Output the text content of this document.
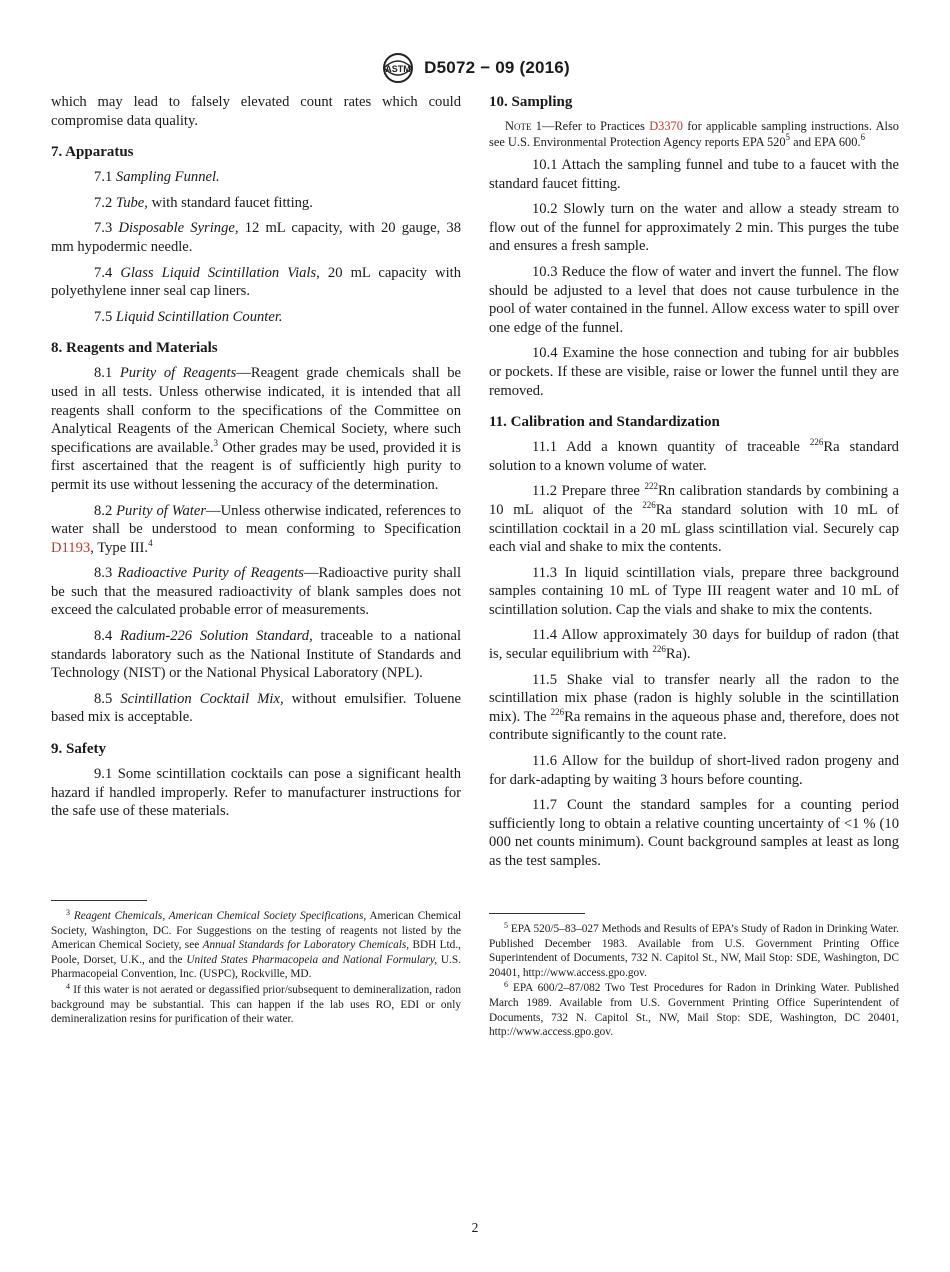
ASTM D5072 − 09 (2016)

which may lead to falsely elevated count rates which could compromise data quality.

7. Apparatus

7.1 Sampling Funnel.

7.2 Tube, with standard faucet fitting.

7.3 Disposable Syringe, 12 mL capacity, with 20 gauge, 38 mm hypodermic needle.

7.4 Glass Liquid Scintillation Vials, 20 mL capacity with polyethylene inner seal cap liners.

7.5 Liquid Scintillation Counter.

8. Reagents and Materials

8.1 Purity of Reagents—Reagent grade chemicals shall be used in all tests. Unless otherwise indicated, it is intended that all reagents shall conform to the specifications of the Committee on Analytical Reagents of the American Chemical Society, where such specifications are available.$^3$ Other grades may be used, provided it is first ascertained that the reagent is of sufficiently high purity to permit its use without lessening the accuracy of the determination.

8.2 Purity of Water—Unless otherwise indicated, references to water shall be understood to mean conforming to Specification D1193, Type III.$^4$

8.3 Radioactive Purity of Reagents—Radioactive purity shall be such that the measured radioactivity of blank samples does not exceed the calculated probable error of measurements.

8.4 Radium-226 Solution Standard, traceable to a national standards laboratory such as the National Institute of Standards and Technology (NIST) or the National Physical Laboratory (NPL).

8.5 Scintillation Cocktail Mix, without emulsifier. Toluene based mix is acceptable.

9. Safety

9.1 Some scintillation cocktails can pose a significant health hazard if handled improperly. Refer to manufacturer instructions for the safe use of these materials.

$^3$ Reagent Chemicals, American Chemical Society Specifications, American Chemical Society, Washington, DC. For Suggestions on the testing of reagents not listed by the American Chemical Society, see Annual Standards for Laboratory Chemicals, BDH Ltd., Poole, Dorset, U.K., and the United States Pharmacopeia and National Formulary, U.S. Pharmacopeial Convention, Inc. (USPC), Rockville, MD.

$^4$ If this water is not aerated or degassified prior/subsequent to demineralization, radon background may be substantial. This can happen if the lab uses RO, EDI or only demineralization resins for purification of their water.

10. Sampling

Note 1—Refer to Practices D3370 for applicable sampling instructions. Also see U.S. Environmental Protection Agency reports EPA $520^5$ and EPA 600.$^6$

10.1 Attach the sampling funnel and tube to a faucet with the standard faucet fitting.

10.2 Slowly turn on the water and allow a steady stream to flow out of the funnel for approximately 2 min. This purges the tube and ensures a fresh sample.

10.3 Reduce the flow of water and invert the funnel. The flow should be adjusted to a level that does not cause turbulence in the pool of water contained in the funnel. Allow excess water to spill over one edge of the funnel.

10.4 Examine the hose connection and tubing for air bubbles or pockets. If these are visible, raise or lower the funnel until they are removed.

11. Calibration and Standardization

11.1 Add a known quantity of traceable $^{226}$Ra standard solution to a known volume of water.

11.2 Prepare three $^{222}$Rn calibration standards by combining a 10 mL aliquot of the $^{226}$Ra standard solution with 10 mL of scintillation cocktail in a 20 mL glass scintillation vial. Securely cap each vial and shake to mix the contents.

11.3 In liquid scintillation vials, prepare three background samples containing 10 mL of Type III reagent water and 10 mL of scintillation solution. Cap the vials and shake to mix the contents.

11.4 Allow approximately 30 days for buildup of radon (that is, secular equilibrium with $^{226}$Ra).

11.5 Shake vial to transfer nearly all the radon to the scintillation mix phase (radon is highly soluble in the scintillation mix). The $^{226}$Ra remains in the aqueous phase and, therefore, does not contribute significantly to the count rate.

11.6 Allow for the buildup of short-lived radon progeny and for dark-adapting by waiting 3 hours before counting.

11.7 Count the standard samples for a counting period sufficiently long to obtain a relative counting uncertainty of <1 % (10 000 net counts minimum). Count background samples at least as long as the test samples.

$^5$ EPA 520/5–83–027 Methods and Results of EPA’s Study of Radon in Drinking Water. Published December 1983. Available from U.S. Government Printing Office Superintendent of Documents, 732 N. Capitol St., NW, Mail Stop: SDE, Washington, DC 20401, http://www.access.gpo.gov.

$^6$ EPA 600/2–87/082 Two Test Procedures for Radon in Drinking Water. Published March 1989. Available from U.S. Government Printing Office Superintendent of Documents, 732 N. Capitol St., NW, Mail Stop: SDE, Washington, DC 20401, http://www.access.gpo.gov.

2
